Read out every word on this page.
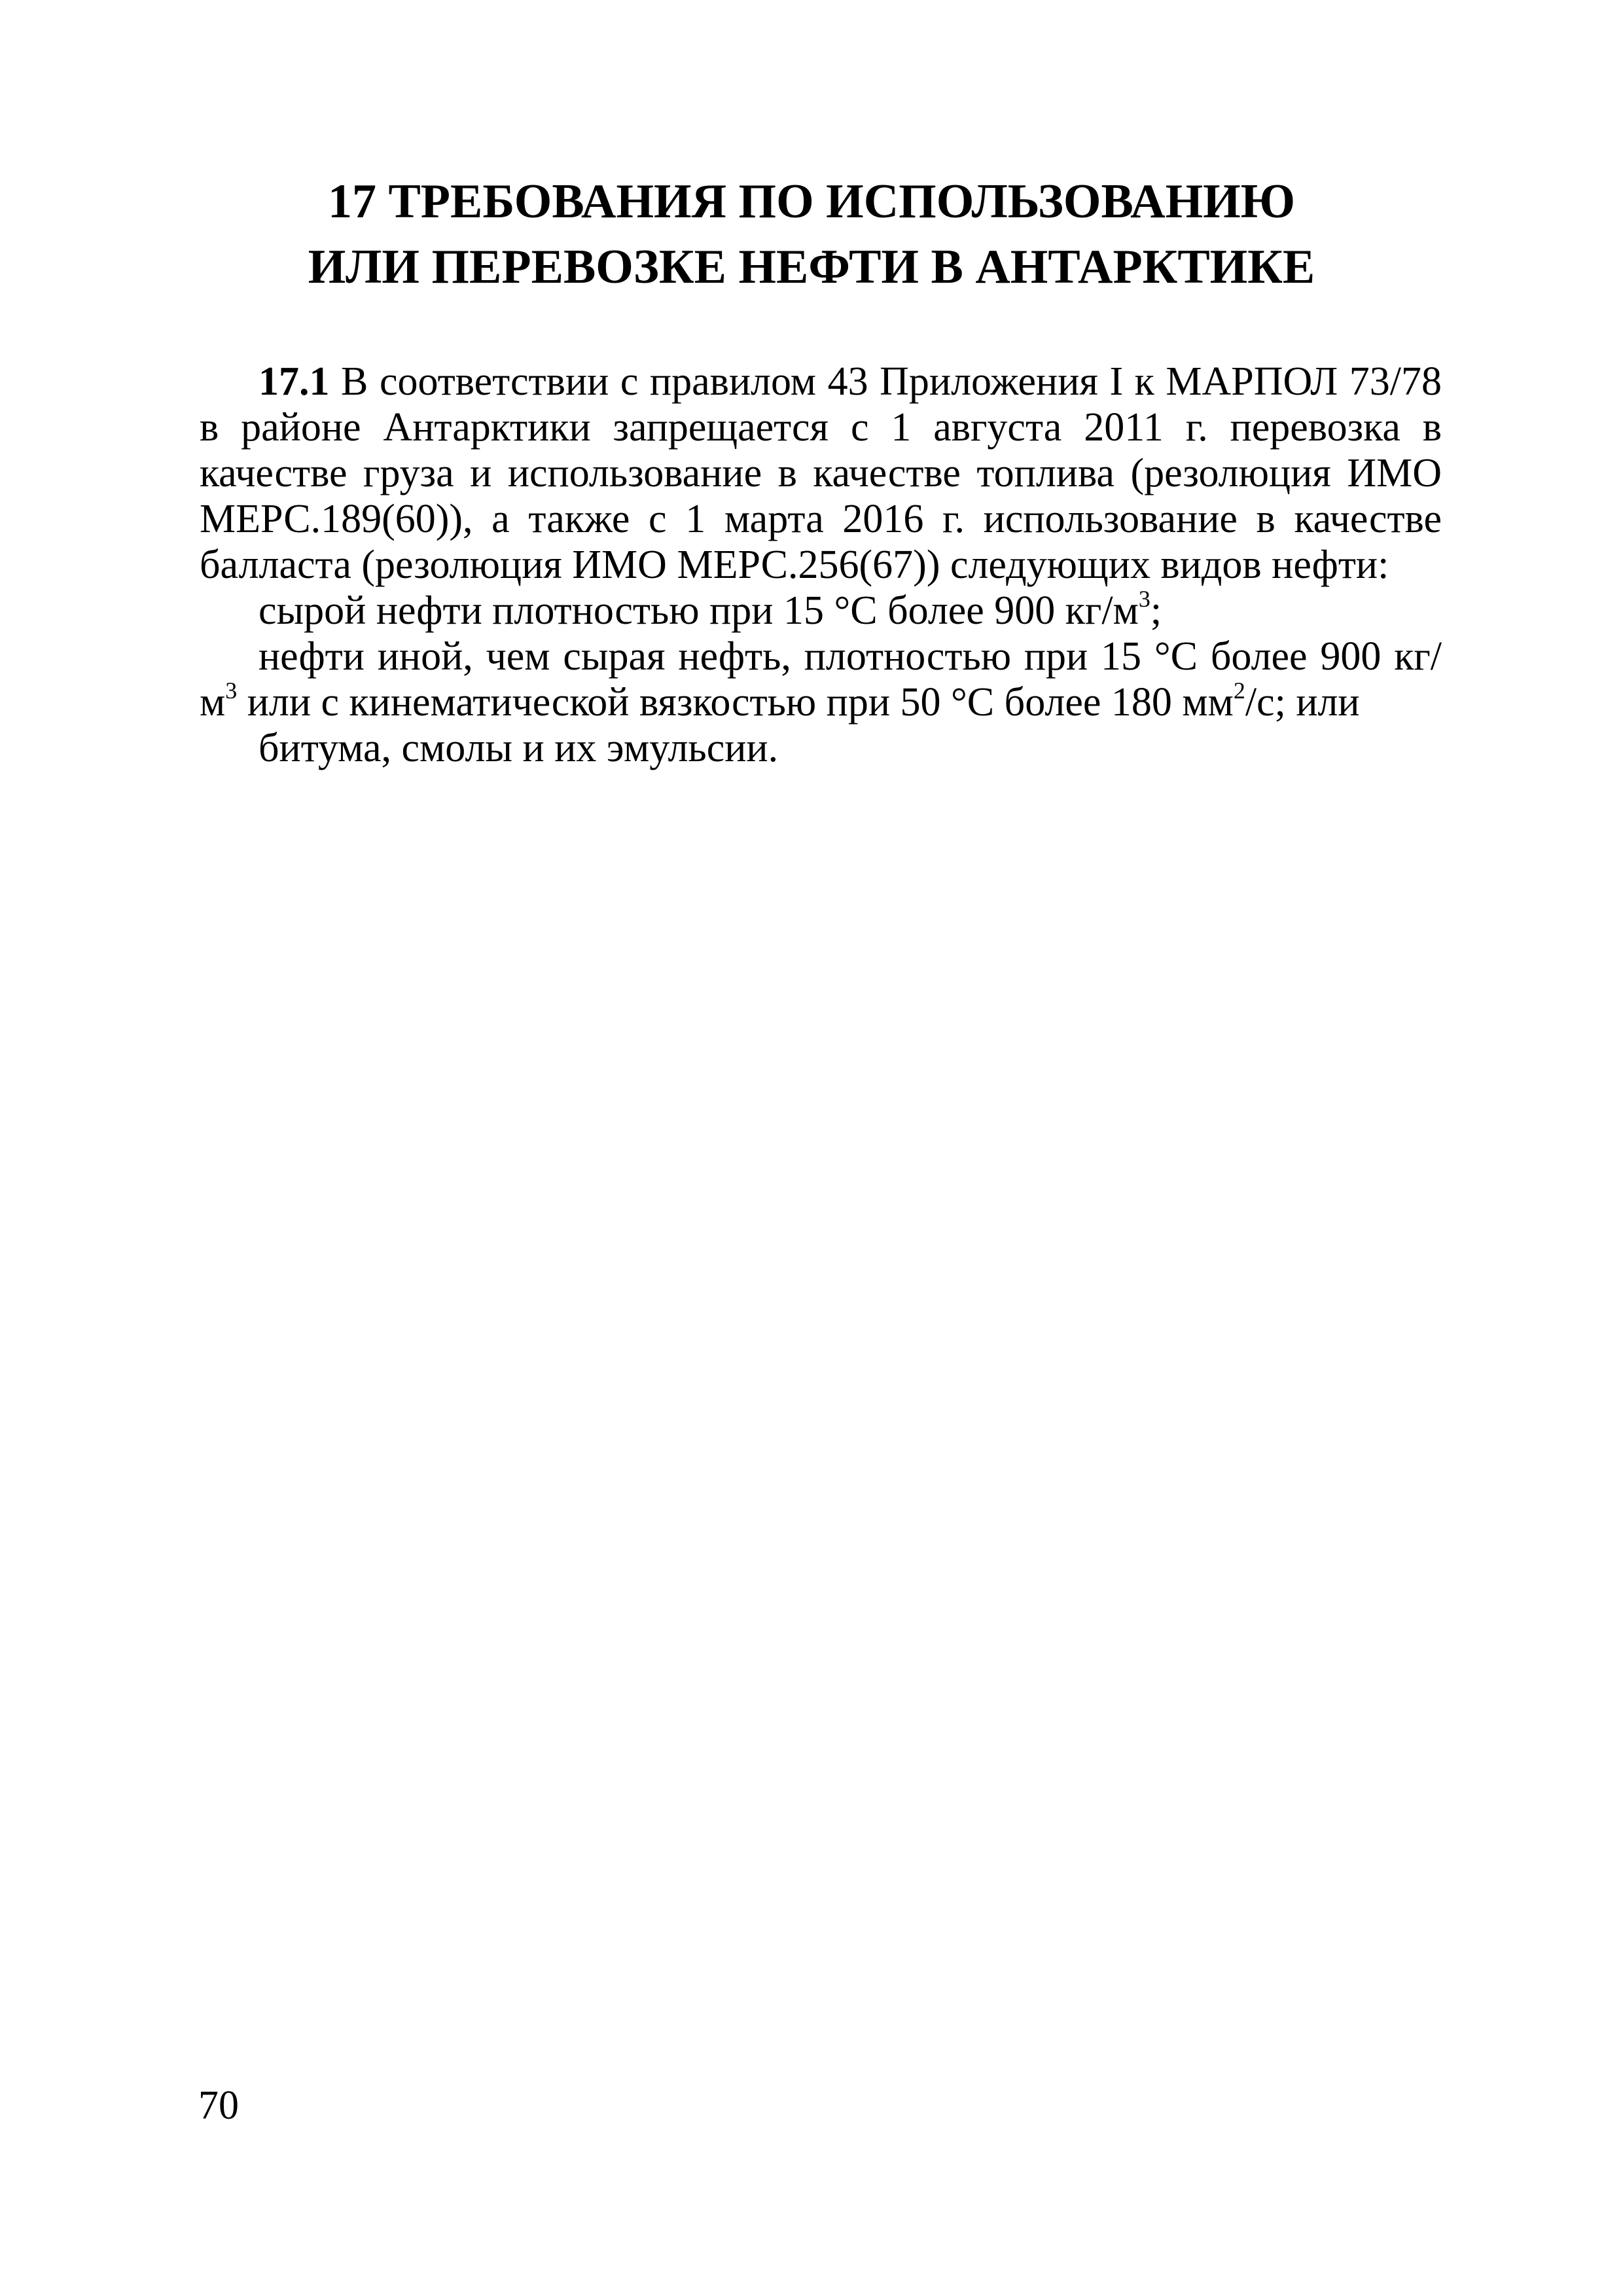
17 ТРЕБОВАНИЯ ПО ИСПОЛЬЗОВАНИЮ
ИЛИ ПЕРЕВОЗКЕ НЕФТИ В АНТАРКТИКЕ

17.1 В соответствии с правилом 43 Приложения I к МАРПОЛ 73/78 в районе Антарктики запрещается с 1 августа 2011 г. перевозка в качестве груза и использование в качестве топлива (резолюция ИМО МЕРС.189(60)), а также с 1 марта 2016 г. использование в качестве балласта (резолюция ИМО МЕРС.256(67)) следующих видов нефти:

сырой нефти плотностью при 15 °С более 900 $кг/м^3$;

нефти иной, чем сырая нефть, плотностью при 15 °С более 900 $кг/м^3$ или с кинематической вязкостью при 50 °С более 180 $мм^2/с$; или

битума, смолы и их эмульсии.

70
